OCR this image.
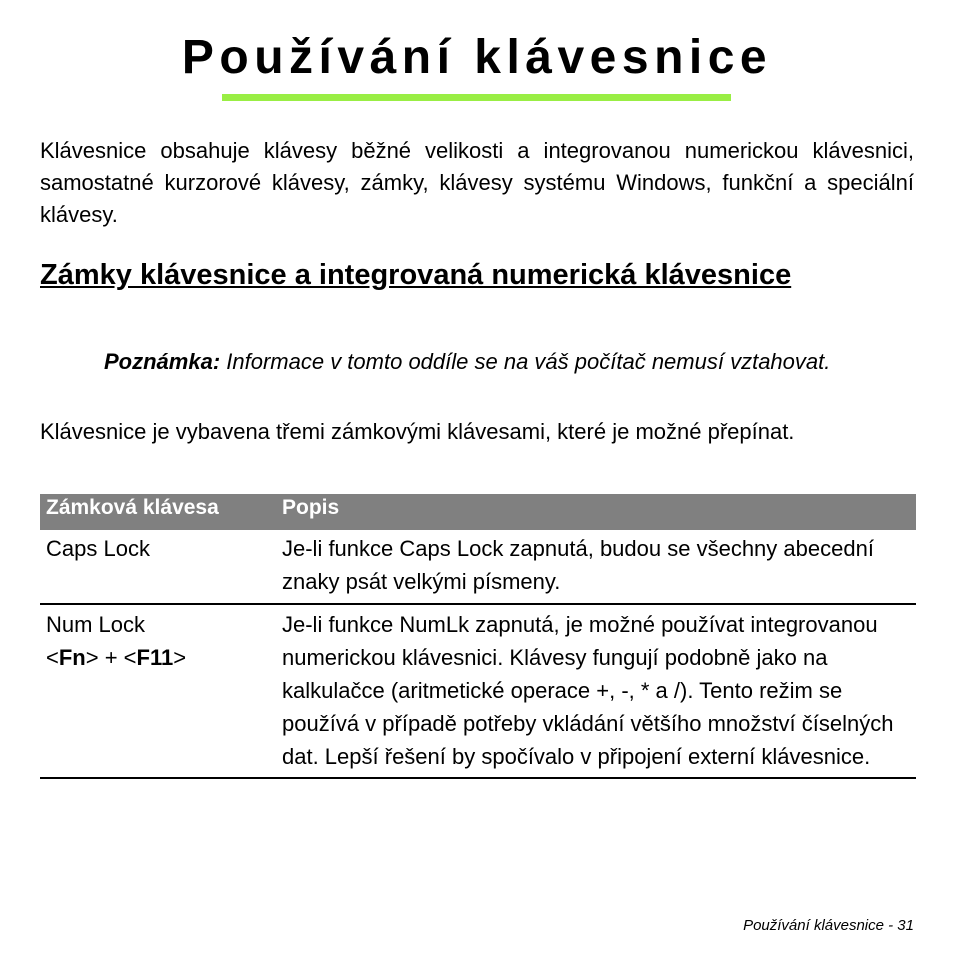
Používání klávesnice

Klávesnice obsahuje klávesy běžné velikosti a integrovanou numerickou klávesnici, samostatné kurzorové klávesy, zámky, klávesy systému Windows, funkční a speciální klávesy.

Zámky klávesnice a integrovaná numerická klávesnice

Poznámka: Informace v tomto oddíle se na váš počítač nemusí vztahovat.

Klávesnice je vybavena třemi zámkovými klávesami, které je možné přepínat.

Zámková klávesa	Popis
Caps Lock	Je-li funkce Caps Lock zapnutá, budou se všechny abecední znaky psát velkými písmeny.
Num Lock
<Fn> + <F11>
Je-li funkce NumLk zapnutá, je možné používat integrovanou numerickou klávesnici. Klávesy fungují podobně jako na kalkulačce (aritmetické operace +, -, * a /). Tento režim se používá v případě potřeby vkládání většího množství číselných dat. Lepší řešení by spočívalo v připojení externí klávesnice.
Používání klávesnice - 31
